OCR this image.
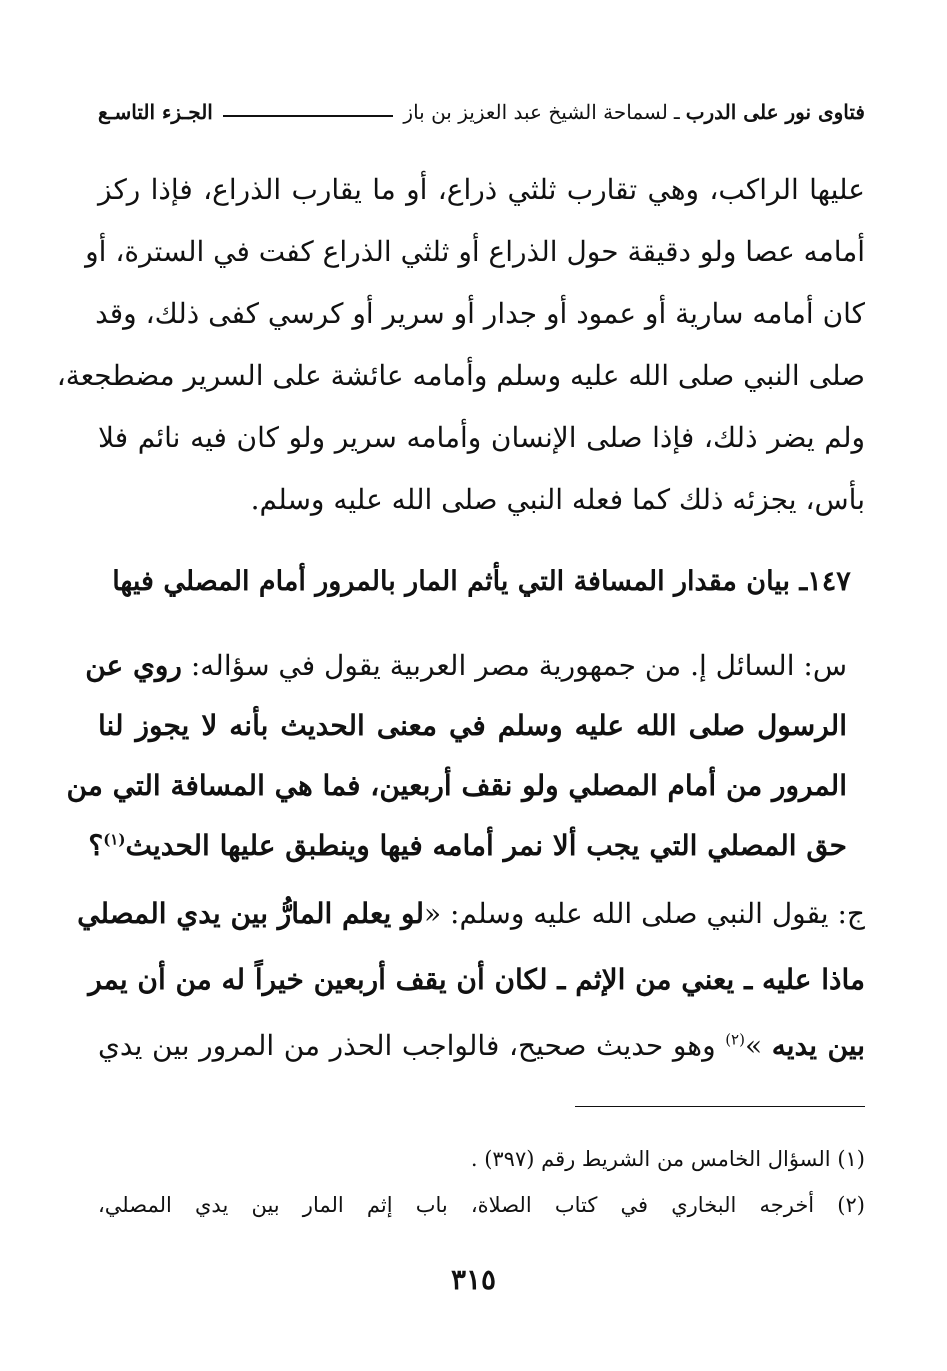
فتاوى نور على الدرب
ـ
لسماحة الشيخ عبد العزيز بن باز
الجـزء التاسـع
عليها الراكب، وهي تقارب ثلثي ذراع، أو ما يقارب الذراع، فإذا ركز
أمامه عصا ولو دقيقة حول الذراع أو ثلثي الذراع كفت في السترة، أو
كان أمامه سارية أو عمود أو جدار أو سرير أو كرسي كفى ذلك، وقد
صلى النبي صلى الله عليه وسلم وأمامه عائشة على السرير مضطجعة،
ولم يضر ذلك، فإذا صلى الإنسان وأمامه سرير ولو كان فيه نائم فلا
بأس، يجزئه ذلك كما فعله النبي صلى الله عليه وسلم.
١٤٧ـ بيان مقدار المسافة التي يأثم المار بالمرور أمام المصلي فيها
س: السائل إ. من جمهورية مصر العربية يقول في سؤاله: روي عن
الرسول صلى الله عليه وسلم في معنى الحديث بأنه لا يجوز لنا
المرور من أمام المصلي ولو نقف أربعين، فما هي المسافة التي من
حق المصلي التي يجب ألا نمر أمامه فيها وينطبق عليها الحديث$^{(١)}$؟
ج: يقول النبي صلى الله عليه وسلم: «لو يعلم المارُّ بين يدي المصلي
ماذا عليه ـ يعني من الإثم ـ لكان أن يقف أربعين خيراً له من أن يمر
بين يديه »$^{(٢)}$ وهو حديث صحيح، فالواجب الحذر من المرور بين يدي
(١) السؤال الخامس من الشريط رقم (٣٩٧) .
(٢) أخرجه البخاري في كتاب الصلاة، باب إثم المار بين يدي المصلي،
٣١٥
